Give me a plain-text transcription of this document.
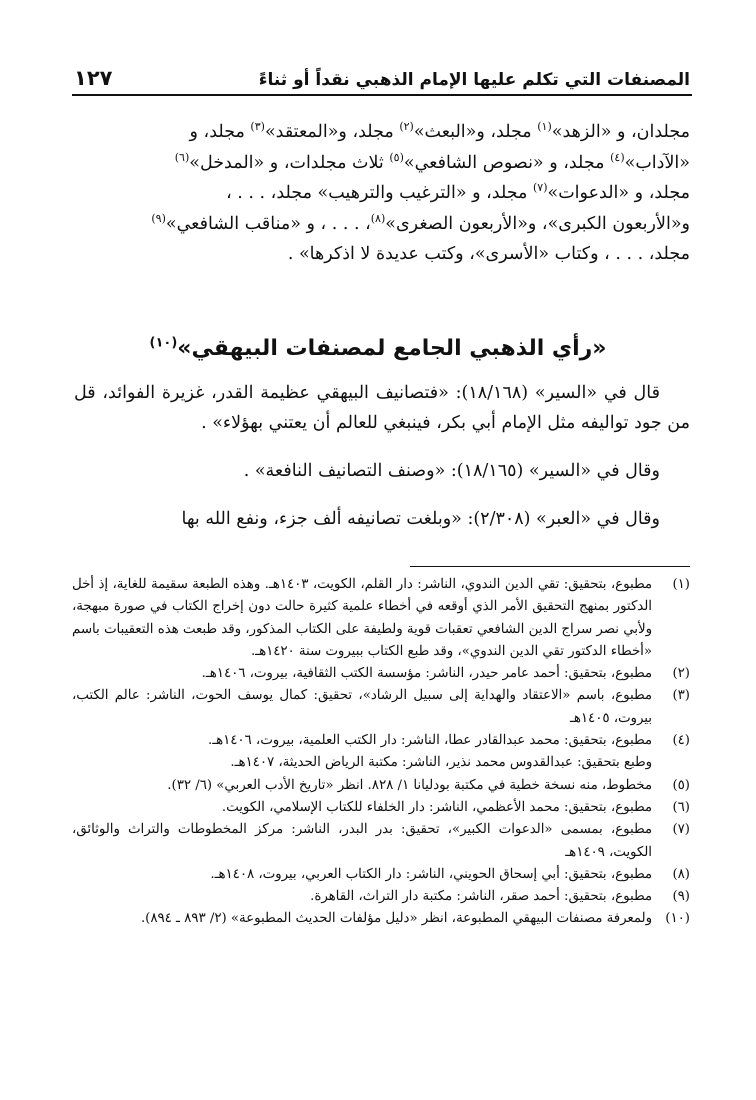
المصنفات التي تكلم عليها الإمام الذهبي نقداً أو ثناءً
١٢٧

مجلدان، و «الزهد»$^{(١)}$ مجلد، و«البعث»$^{(٢)}$ مجلد، و«المعتقد»$^{(٣)}$ مجلد، و

«الآداب»$^{(٤)}$ مجلد، و «نصوص الشافعي»$^{(٥)}$ ثلاث مجلدات، و «المدخل»$^{(٦)}$

مجلد، و «الدعوات»$^{(٧)}$ مجلد، و «الترغيب والترهيب» مجلد، . . . ،

و«الأربعون الكبرى»، و«الأربعون الصغرى»$^{(٨)}$، . . . ، و «مناقب الشافعي»$^{(٩)}$

مجلد، . . . ، وكتاب «الأسرى»، وكتب عديدة لا اذكرها» .

«رأي الذهبي الجامع لمصنفات البيهقي»$^{(١٠)}$

قال في «السير» (١٨/١٦٨): «فتصانيف البيهقي عظيمة القدر، غزيرة الفوائد، قل من جود تواليفه مثل الإمام أبي بكر، فينبغي للعالم أن يعتني بهؤلاء» .

وقال في «السير» (١٨/١٦٥): «وصنف التصانيف النافعة» .

وقال في «العبر» (٢/٣٠٨): «وبلغت تصانيفه ألف جزء، ونفع الله بها

(١)
مطبوع، بتحقيق: تقي الدين الندوي، الناشر: دار القلم، الكويت، ١٤٠٣هـ. وهذه الطبعة سقيمة للغاية، إذ أخل الدكتور بمنهج التحقيق الأمر الذي أوقعه في أخطاء علمية كثيرة حالت دون إخراج الكتاب في صورة مبهجة، ولأبي نصر سراج الدين الشافعي تعقبات قوية ولطيفة على الكتاب المذكور، وقد طبعت هذه التعقيبات باسم «أخطاء الدكتور تقي الدين الندوي»، وقد طبع الكتاب ببيروت سنة ١٤٢٠هـ.
(٢)
مطبوع، بتحقيق: أحمد عامر حيدر، الناشر: مؤسسة الكتب الثقافية، بيروت، ١٤٠٦هـ.
(٣)
مطبوع، باسم «الاعتقاد والهداية إلى سبيل الرشاد»، تحقيق: كمال يوسف الحوت، الناشر: عالم الكتب، بيروت، ١٤٠٥هـ
(٤)
مطبوع، بتحقيق: محمد عبدالقادر عطا، الناشر: دار الكتب العلمية، بيروت، ١٤٠٦هـ.
وطبع بتحقيق: عبدالقدوس محمد نذير، الناشر: مكتبة الرياض الحديثة، ١٤٠٧هـ.
(٥)
مخطوط، منه نسخة خطية في مكتبة بودليانا ١/ ٨٢٨. انظر «تاريخ الأدب العربي» (٦/ ٣٢).
(٦)
مطبوع، بتحقيق: محمد الأعظمي، الناشر: دار الخلفاء للكتاب الإسلامي، الكويت.
(٧)
مطبوع، بمسمى «الدعوات الكبير»، تحقيق: بدر البدر، الناشر: مركز المخطوطات والتراث والوثائق، الكويت، ١٤٠٩هـ
(٨)
مطبوع، بتحقيق: أبي إسحاق الحويني، الناشر: دار الكتاب العربي، بيروت، ١٤٠٨هـ.
(٩)
مطبوع، بتحقيق: أحمد صقر، الناشر: مكتبة دار التراث، القاهرة.
(١٠)
ولمعرفة مصنفات البيهقي المطبوعة، انظر «دليل مؤلفات الحديث المطبوعة» (٢/ ٨٩٣ ـ ٨٩٤).
